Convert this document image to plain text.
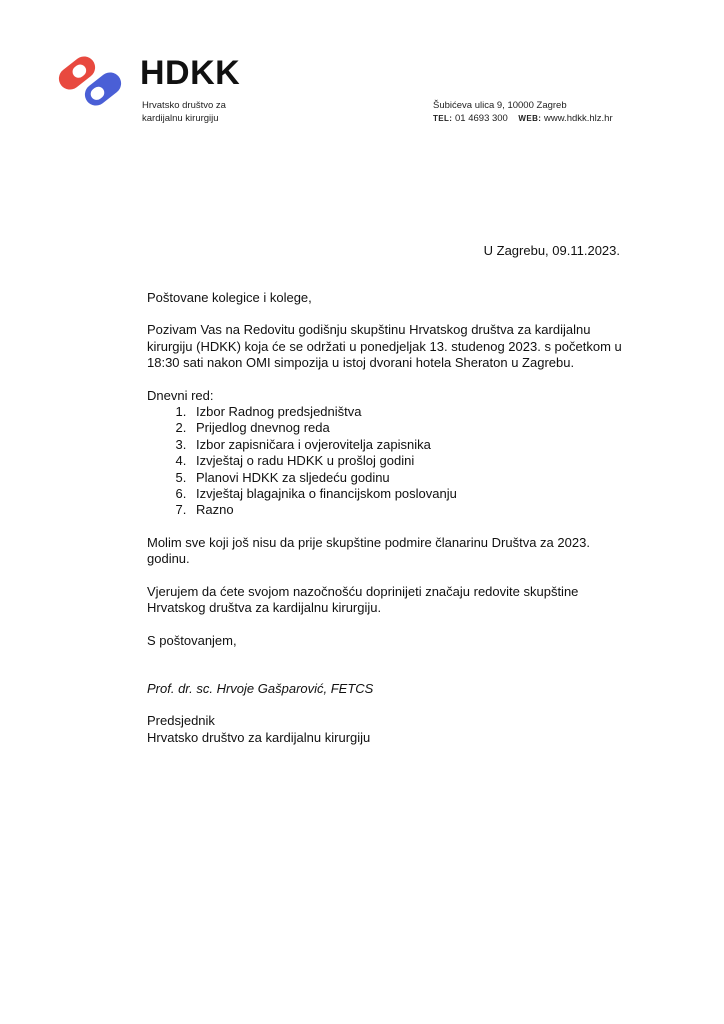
HDKK
Hrvatsko društvo za
kardijalnu kirurgiju
Šubićeva ulica 9, 10000 Zagreb
TEL: 01 4693 300 WEB: www.hdkk.hlz.hr
U Zagrebu, 09.11.2023.

Poštovane kolegice i kolege,

Pozivam Vas na Redovitu godišnju skupštinu Hrvatskog društva za kardijalnu kirurgiju (HDKK) koja će se održati u ponedjeljak 13. studenog 2023. s početkom u 18:30 sati nakon OMI simpozija u istoj dvorani hotela Sheraton u Zagrebu.

Dnevni red:

1. Izbor Radnog predsjedništva
2. Prijedlog dnevnog reda
3. Izbor zapisničara i ovjerovitelja zapisnika
4. Izvještaj o radu HDKK u prošloj godini
5. Planovi HDKK za sljedeću godinu
6. Izvještaj blagajnika o financijskom poslovanju
7. Razno

Molim sve koji još nisu da prije skupštine podmire članarinu Društva za 2023. godinu.

Vjerujem da ćete svojom nazočnošću doprinijeti značaju redovite skupštine Hrvatskog društva za kardijalnu kirurgiju.

S poštovanjem,

Prof. dr. sc. Hrvoje Gašparović, FETCS

Predsjednik

Hrvatsko društvo za kardijalnu kirurgiju
